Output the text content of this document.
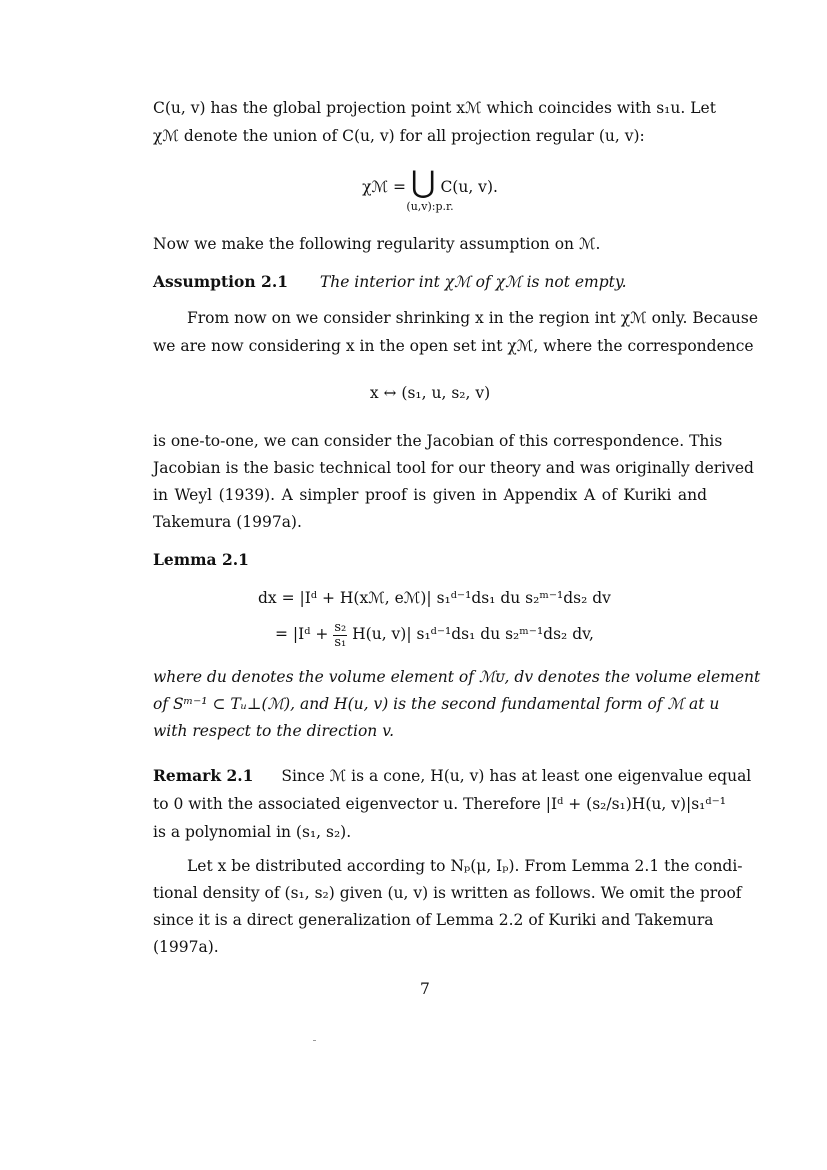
C(u, v) has the global projection point xℳ which coincides with s₁u. Let
χℳ denote the union of C(u, v) for all projection regular (u, v):
χℳ = ⋃ C(u, v).
(u,v):p.r.
Now we make the following regularity assumption on ℳ.
Assumption 2.1 The interior int χℳ of χℳ is not empty.
From now on we consider shrinking x in the region int χℳ only. Because
we are now considering x in the open set int χℳ, where the correspondence
x ↔ (s₁, u, s₂, v)
is one-to-one, we can consider the Jacobian of this correspondence. This
Jacobian is the basic technical tool for our theory and was originally derived
in Weyl (1939). A simpler proof is given in Appendix A of Kuriki and
Takemura (1997a).
Lemma 2.1
dx = |Iᵈ + H(xℳ, eℳ)| s₁ᵈ⁻¹ds₁ du s₂ᵐ⁻¹ds₂ dv
= |Iᵈ + $\frac{\text{s₂}}{\text{s₁}} H(u$, v)| s₁ᵈ⁻¹ds₁ du s₂ᵐ⁻¹ds₂ dv,
where du denotes the volume element of ℳᴜ, dv denotes the volume element
of Sᵐ⁻¹ ⊂ Tᵤ⊥(ℳ), and H(u, v) is the second fundamental form of ℳ at u
with respect to the direction v.
Remark 2.1 Since ℳ is a cone, H(u, v) has at least one eigenvalue equal
to 0 with the associated eigenvector u. Therefore |Iᵈ + (s₂/s₁)H(u, v)|s₁ᵈ⁻¹
is a polynomial in (s₁, s₂).
Let x be distributed according to Nₚ(μ, Iₚ). From Lemma 2.1 the condi-
tional density of (s₁, s₂) given (u, v) is written as follows. We omit the proof
since it is a direct generalization of Lemma 2.2 of Kuriki and Takemura
(1997a).
7
